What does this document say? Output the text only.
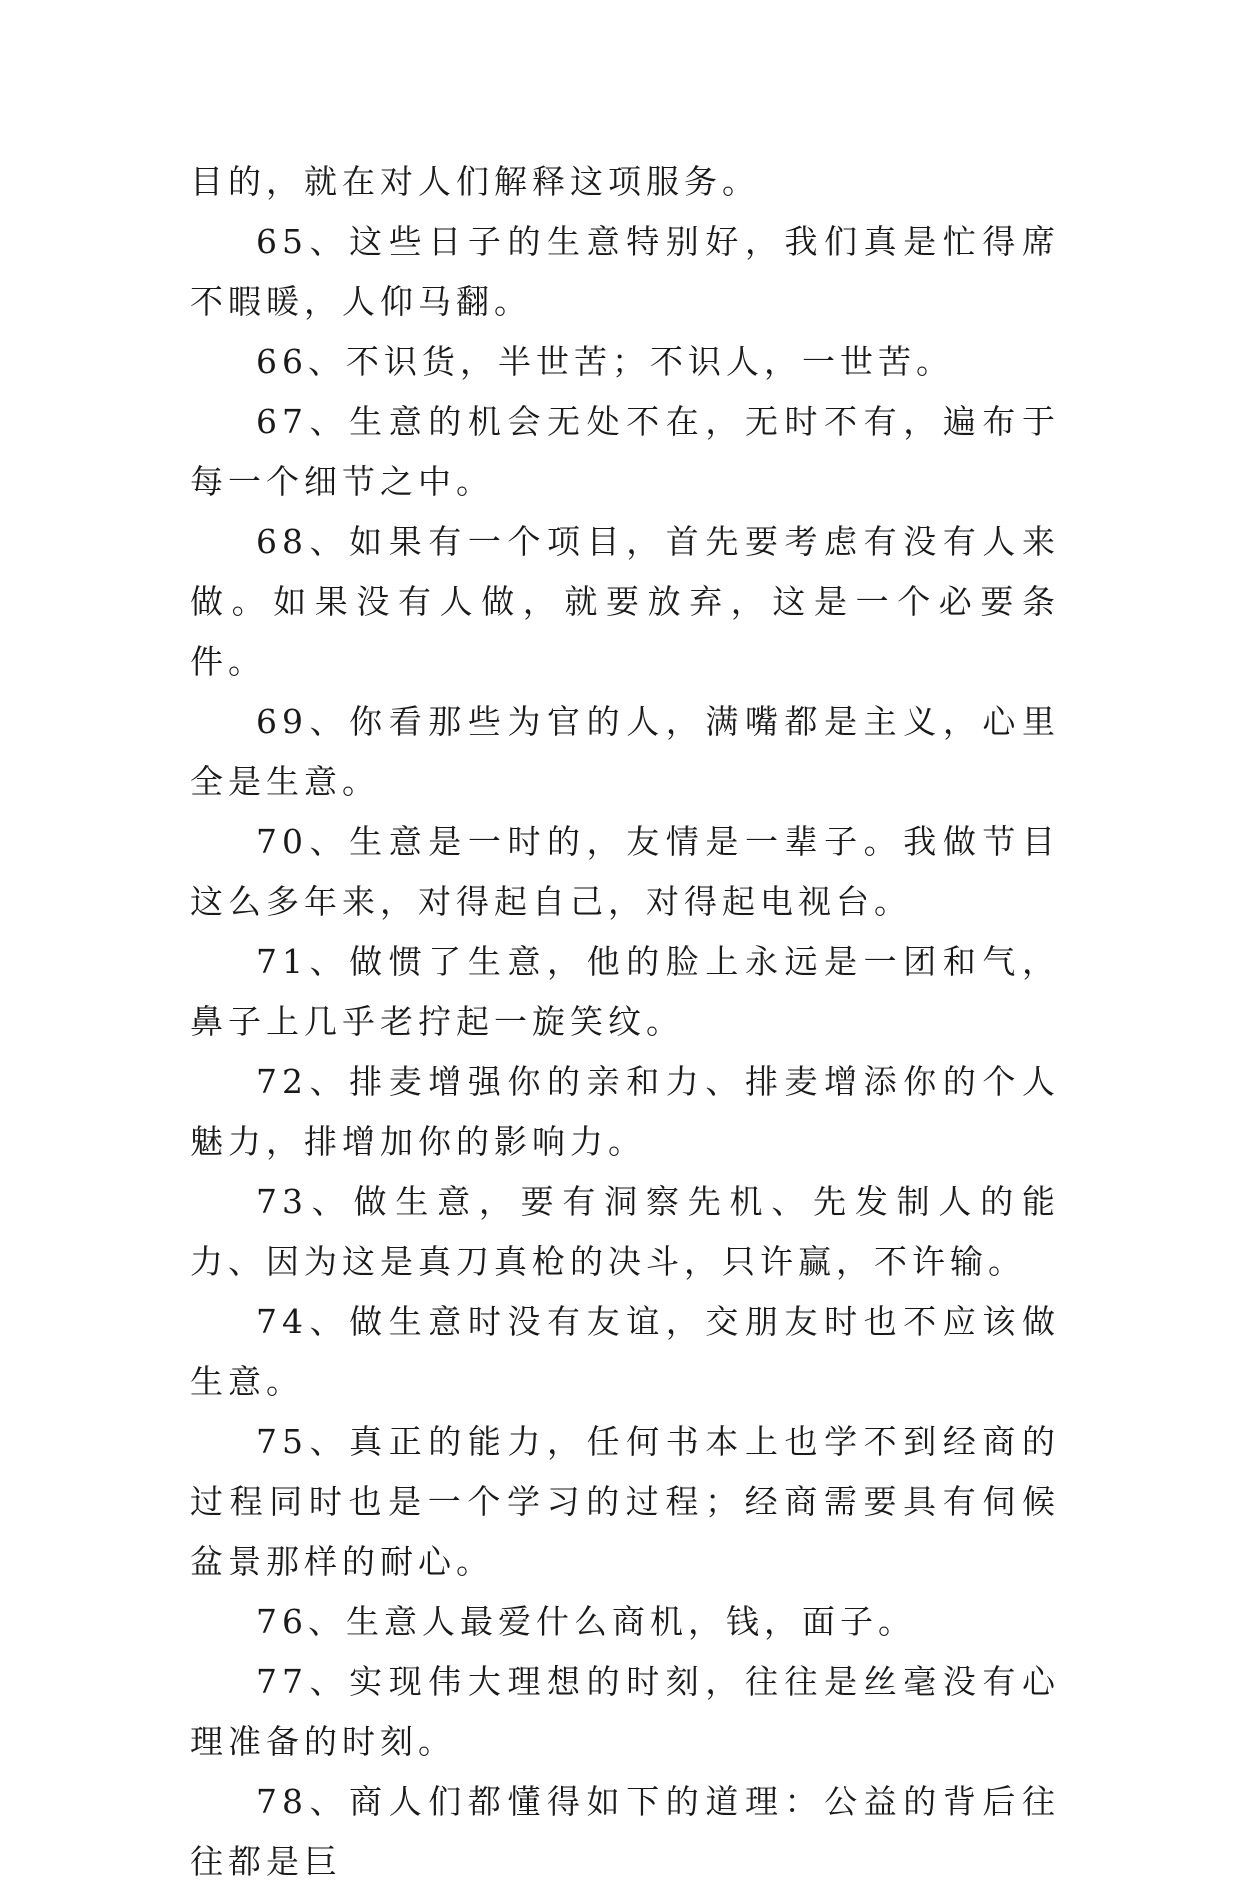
目的，就在对人们解释这项服务。

65、这些日子的生意特别好，我们真是忙得席不暇暖，人仰马翻。

66、不识货，半世苦；不识人，一世苦。

67、生意的机会无处不在，无时不有，遍布于每一个细节之中。

68、如果有一个项目，首先要考虑有没有人来做。如果没有人做，就要放弃，这是一个必要条件。

69、你看那些为官的人，满嘴都是主义，心里全是生意。

70、生意是一时的，友情是一辈子。我做节目这么多年来，对得起自己，对得起电视台。

71、做惯了生意，他的脸上永远是一团和气，鼻子上几乎老拧起一旋笑纹。

72、排麦增强你的亲和力、排麦增添你的个人魅力，排增加你的影响力。

73、做生意，要有洞察先机、先发制人的能力、因为这是真刀真枪的决斗，只许赢，不许输。

74、做生意时没有友谊，交朋友时也不应该做生意。

75、真正的能力，任何书本上也学不到经商的过程同时也是一个学习的过程；经商需要具有伺候盆景那样的耐心。

76、生意人最爱什么商机，钱，面子。

77、实现伟大理想的时刻，往往是丝毫没有心理准备的时刻。

78、商人们都懂得如下的道理：公益的背后往往都是巨
